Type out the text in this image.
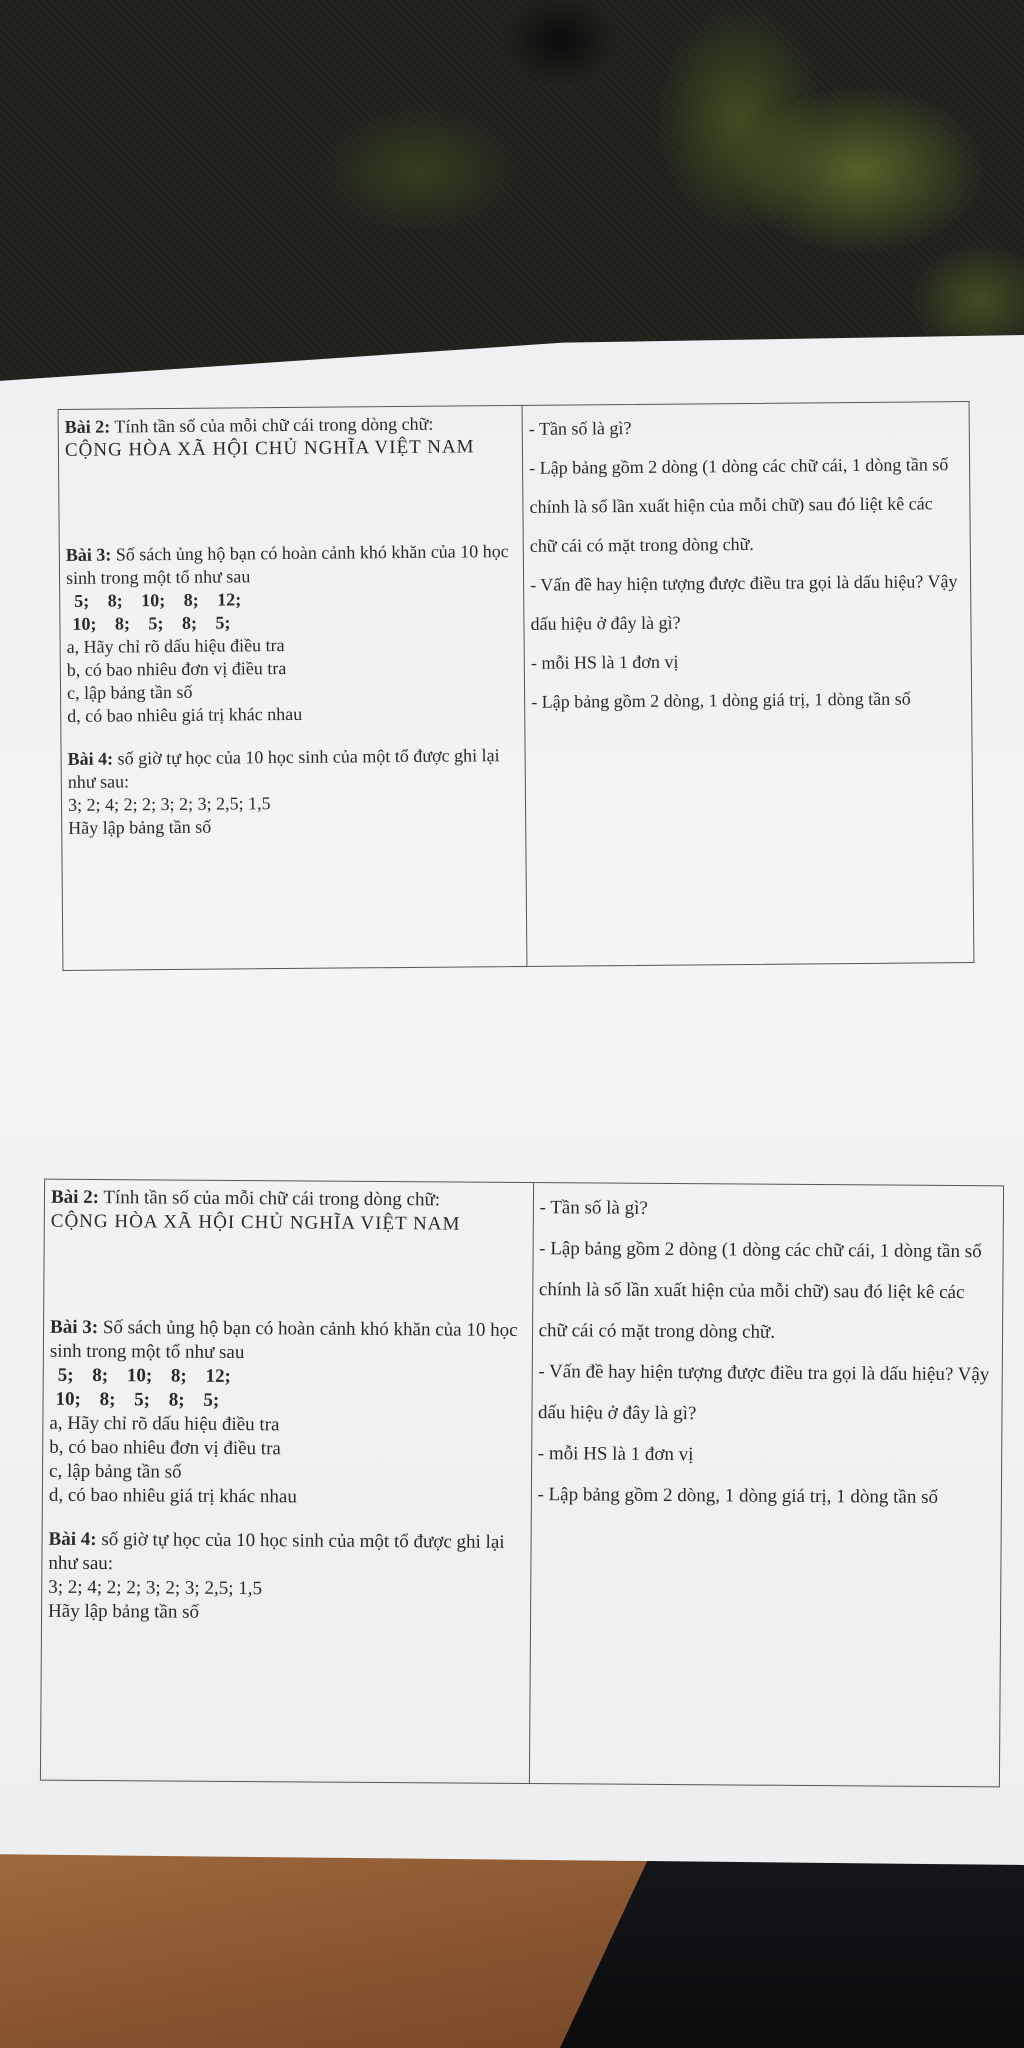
Bài 2: Tính tần số của mỗi chữ cái trong dòng chữ:
CỘNG HÒA XÃ HỘI CHỦ NGHĨA VIỆT NAM
Bài 3: Số sách ủng hộ bạn có hoàn cảnh khó khăn của 10 học sinh trong một tổ như sau
5; 8; 10; 8; 12;
10; 8; 5; 8; 5;
a, Hãy chỉ rõ dấu hiệu điều tra
b, có bao nhiêu đơn vị điều tra
c, lập bảng tần số
d, có bao nhiêu giá trị khác nhau
Bài 4: số giờ tự học của 10 học sinh của một tổ được ghi lại như sau:
3; 2; 4; 2; 2; 3; 2; 3; 2,5; 1,5
Hãy lập bảng tần số
- Tần số là gì?
- Lập bảng gồm 2 dòng (1 dòng các chữ cái, 1 dòng tần số chính là số lần xuất hiện của mỗi chữ) sau đó liệt kê các chữ cái có mặt trong dòng chữ.
- Vấn đề hay hiện tượng được điều tra gọi là dấu hiệu? Vậy dấu hiệu ở đây là gì?
- mỗi HS là 1 đơn vị
- Lập bảng gồm 2 dòng, 1 dòng giá trị, 1 dòng tần số
Bài 2: Tính tần số của mỗi chữ cái trong dòng chữ:
CỘNG HÒA XÃ HỘI CHỦ NGHĨA VIỆT NAM
Bài 3: Số sách ủng hộ bạn có hoàn cảnh khó khăn của 10 học sinh trong một tổ như sau
5; 8; 10; 8; 12;
10; 8; 5; 8; 5;
a, Hãy chỉ rõ dấu hiệu điều tra
b, có bao nhiêu đơn vị điều tra
c, lập bảng tần số
d, có bao nhiêu giá trị khác nhau
Bài 4: số giờ tự học của 10 học sinh của một tổ được ghi lại như sau:
3; 2; 4; 2; 2; 3; 2; 3; 2,5; 1,5
Hãy lập bảng tần số
- Tần số là gì?
- Lập bảng gồm 2 dòng (1 dòng các chữ cái, 1 dòng tần số chính là số lần xuất hiện của mỗi chữ) sau đó liệt kê các chữ cái có mặt trong dòng chữ.
- Vấn đề hay hiện tượng được điều tra gọi là dấu hiệu? Vậy dấu hiệu ở đây là gì?
- mỗi HS là 1 đơn vị
- Lập bảng gồm 2 dòng, 1 dòng giá trị, 1 dòng tần số
